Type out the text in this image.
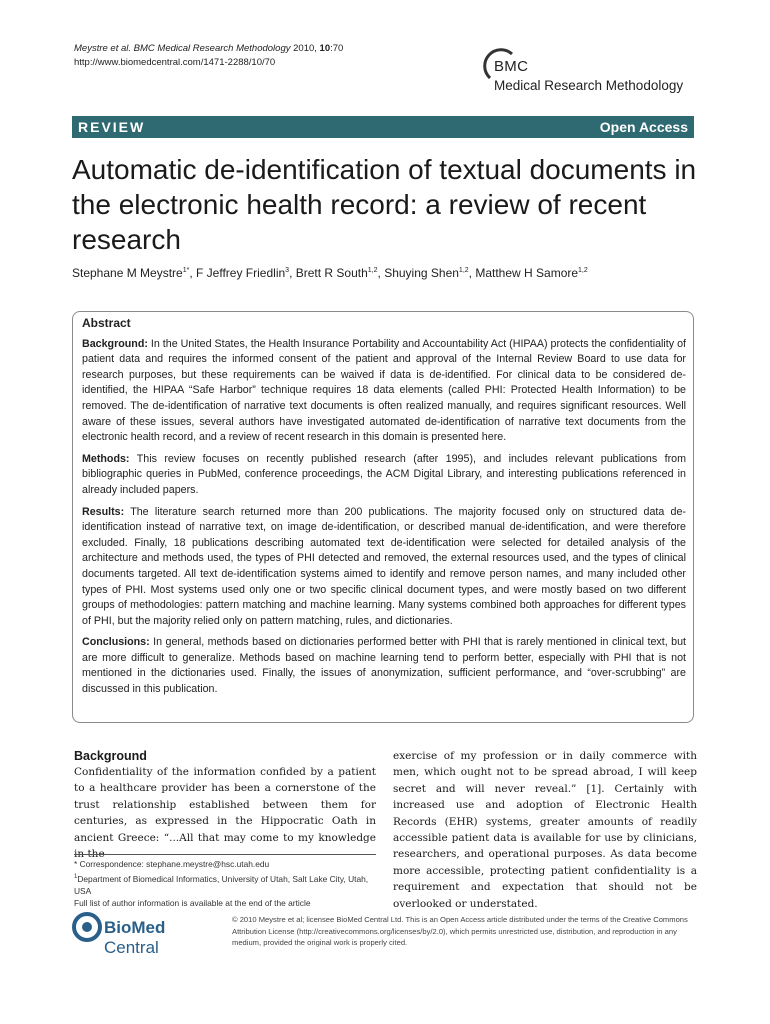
Meystre et al. BMC Medical Research Methodology 2010, 10:70
http://www.biomedcentral.com/1471-2288/10/70	BMC
Medical Research Methodology
REVIEW	Open Access
Automatic de-identification of textual documents in the electronic health record: a review of recent research
Stephane M Meystre$^{1*}$, F Jeffrey Friedlin$^3$, Brett R South$^{1,2}$, Shuying Shen$^{1,2}$, Matthew H Samore$^{1,2}$
Abstract

Background: In the United States, the Health Insurance Portability and Accountability Act (HIPAA) protects the confidentiality of patient data and requires the informed consent of the patient and approval of the Internal Review Board to use data for research purposes, but these requirements can be waived if data is de-identified. For clinical data to be considered de-identified, the HIPAA “Safe Harbor” technique requires 18 data elements (called PHI: Protected Health Information) to be removed. The de-identification of narrative text documents is often realized manually, and requires significant resources. Well aware of these issues, several authors have investigated automated de-identification of narrative text documents from the electronic health record, and a review of recent research in this domain is presented here.

Methods: This review focuses on recently published research (after 1995), and includes relevant publications from bibliographic queries in PubMed, conference proceedings, the ACM Digital Library, and interesting publications referenced in already included papers.

Results: The literature search returned more than 200 publications. The majority focused only on structured data de-identification instead of narrative text, on image de-identification, or described manual de-identification, and were therefore excluded. Finally, 18 publications describing automated text de-identification were selected for detailed analysis of the architecture and methods used, the types of PHI detected and removed, the external resources used, and the types of clinical documents targeted. All text de-identification systems aimed to identify and remove person names, and many included other types of PHI. Most systems used only one or two specific clinical document types, and were mostly based on two different groups of methodologies: pattern matching and machine learning. Many systems combined both approaches for different types of PHI, but the majority relied only on pattern matching, rules, and dictionaries.

Conclusions: In general, methods based on dictionaries performed better with PHI that is rarely mentioned in clinical text, but are more difficult to generalize. Methods based on machine learning tend to perform better, especially with PHI that is not mentioned in the dictionaries used. Finally, the issues of anonymization, sufficient performance, and “over-scrubbing” are discussed in this publication.

Background

Confidentiality of the information confided by a patient to a healthcare provider has been a cornerstone of the trust relationship established between them for centuries, as expressed in the Hippocratic Oath in ancient Greece: “...All that may come to my knowledge in the

exercise of my profession or in daily commerce with men, which ought not to be spread abroad, I will keep secret and will never reveal.” [1]. Certainly with increased use and adoption of Electronic Health Records (EHR) systems, greater amounts of readily accessible patient data is available for use by clinicians, researchers, and operational purposes. As data become more accessible, protecting patient confidentiality is a requirement and expectation that should not be overlooked or understated.

* Correspondence: stephane.meystre@hsc.utah.edu
$^1$Department of Biomedical Informatics, University of Utah, Salt Lake City, Utah, USA
Full list of author information is available at the end of the article
BioMed Central
© 2010 Meystre et al; licensee BioMed Central Ltd. This is an Open Access article distributed under the terms of the Creative Commons Attribution License (http://creativecommons.org/licenses/by/2.0), which permits unrestricted use, distribution, and reproduction in any medium, provided the original work is properly cited.
